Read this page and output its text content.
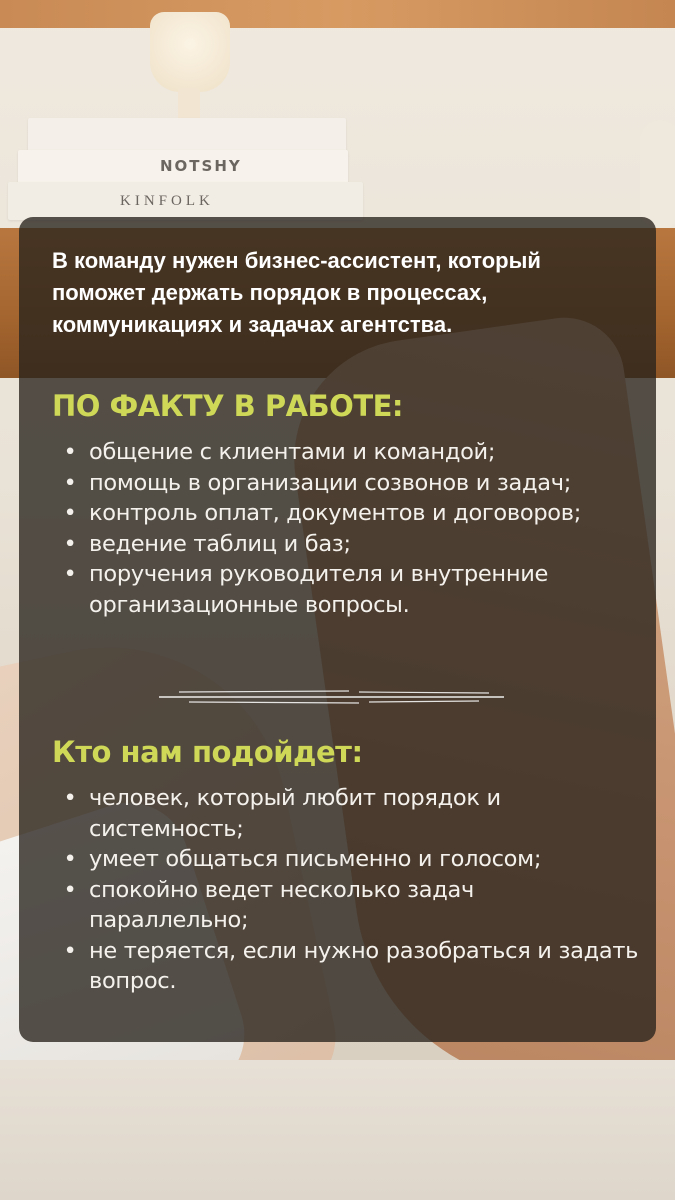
NOTSHY
KINFOLK

В команду нужен бизнес-ассистент, который поможет держать порядок в процессах, коммуникациях и задачах агентства.

ПО ФАКТУ В РАБОТЕ:
• общение с клиентами и командой;
• помощь в организации созвонов и задач;
• контроль оплат, документов и договоров;
• ведение таблиц и баз;
• поручения руководителя и внутренние организационные вопросы.
Кто нам подойдет:
• человек, который любит порядок и системность;
• умеет общаться письменно и голосом;
• спокойно ведет несколько задач параллельно;
• не теряется, если нужно разобраться и задать вопрос.
